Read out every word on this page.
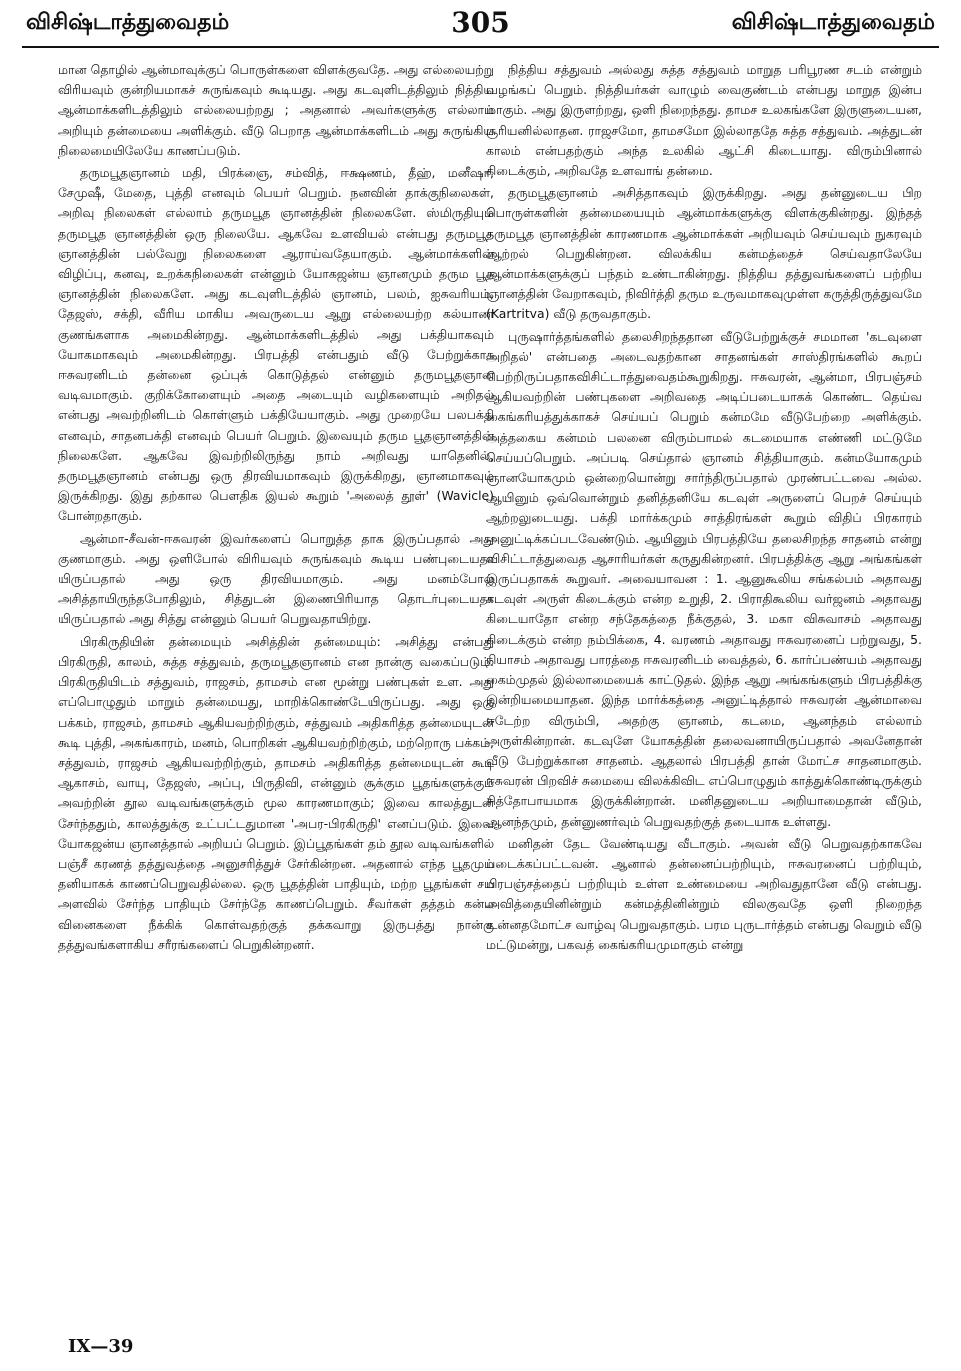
விசிஷ்டாத்துவைதம்	305	விசிஷ்டாத்துவைதம்

மான தொழில் ஆன்மாவுக்குப் பொருள்களை விளக்குவதே. அது எல்லையற்று விரியவும் குன்றியமாகச் சுருங்கவும் கூடியது. அது கடவுளிடத்திலும் நித்திய ஆன்மாக்களிடத்திலும் எல்லையற்றது ; அதனால் அவர்களுக்கு எல்லாம் அறியும் தன்மையை அளிக்கும். வீடு பெறாத ஆன்மாக்களிடம் அது சுருங்கிய நிலைமையிலேயே காணப்படும்.

தருமபூதஞானம் மதி, பிரக்ஞை, சம்வித், ஈக்ஷணம், தீஹ், மனீஷா, சேமுஷீ, மேதை, புத்தி எனவும் பெயர் பெறும். நனவின் தாக்குநிலைகள், அறிவு நிலைகள் எல்லாம் தருமபூத ஞானத்தின் நிலைகளே. ஸ்மிருதியும் தருமபூத ஞானத்தின் ஒரு நிலையே. ஆகவே உளவியல் என்பது தருமபூத ஞானத்தின் பல்வேறு நிலைகளை ஆராய்வதேயாகும். ஆன்மாக்களின் விழிப்பு, கனவு, உறக்கநிலைகள் என்னும் யோகஜன்ய ஞானமும் தரும பூத ஞானத்தின் நிலைகளே. அது கடவுளிடத்தில் ஞானம், பலம், ஐசுவரியம், தேஜஸ், சக்தி, வீரிய மாகிய அவருடைய ஆறு எல்லையற்ற கல்யாண குணங்களாக அமைகின்றது. ஆன்மாக்களிடத்தில் அது பக்தியாகவும் யோகமாகவும் அமைகின்றது. பிரபத்தி என்பதும் வீடு பேற்றுக்காக ஈசுவரனிடம் தன்னை ஒப்புக் கொடுத்தல் என்னும் தருமபூதஞான வடிவமாகும். குறிக்கோளையும் அதை அடையும் வழிகளையும் அறிதல் என்பது அவற்றினிடம் கொள்ளும் பக்தியேயாகும். அது முறையே பலபக்தி எனவும், சாதனபக்தி எனவும் பெயர் பெறும். இவையும் தரும பூதஞானத்தின் நிலைகளே. ஆகவே இவற்றிலிருந்து நாம் அறிவது யாதெனில், தருமபூதஞானம் என்பது ஒரு திரவியமாகவும் இருக்கிறது, ஞானமாகவும் இருக்கிறது. இது தற்கால பௌதிக இயல் கூறும் 'அலைத் தூள்' (Wavicle) போன்றதாகும்.

ஆன்மா-சீவன்-ஈசுவரன் இவர்களைப் பொறுத்த தாக இருப்பதால் அது குணமாகும். அது ஒளிபோல் விரியவும் சுருங்கவும் கூடிய பண்புடையதா யிருப்பதால் அது ஒரு திரவியமாகும். அது மனம்போல் அசித்தாயிருந்தபோதிலும், சித்துடன் இணைபிரியாத தொடர்புடையதா யிருப்பதால் அது சித்து என்னும் பெயர் பெறுவதாயிற்று.

பிரகிருதியின் தன்மையும் அசித்தின் தன்மையும்: அசித்து என்பது பிரகிருதி, காலம், சுத்த சத்துவம், தருமபூதஞானம் என நான்கு வகைப்படும். பிரகிருதியிடம் சத்துவம், ராஜசம், தாமசம் என மூன்று பண்புகள் உள. அது எப்பொழுதும் மாறும் தன்மையது, மாறிக்கொண்டேயிருப்பது. அது ஒரு பக்கம், ராஜசம், தாமசம் ஆகியவற்றிற்கும், சத்துவம் அதிகரித்த தன்மையுடன் கூடி புத்தி, அகங்காரம், மனம், பொறிகள் ஆகியவற்றிற்கும், மற்றொரு பக்கம், சத்துவம், ராஜசம் ஆகியவற்றிற்கும், தாமசம் அதிகரித்த தன்மையுடன் கூடி ஆகாசம், வாயு, தேஜஸ், அப்பு, பிருதிவி, என்னும் சூக்கும பூதங்களுக்கும் அவற்றின் தூல வடிவங்களுக்கும் மூல காரணமாகும்; இவை காலத்துடன் சேர்ந்ததும், காலத்துக்கு உட்பட்டதுமான 'அபர-பிரகிருதி' எனப்படும். இவை யோகஜன்ய ஞானத்தால் அறியப் பெறும். இப்பூதங்கள் தம் தூல வடிவங்களில் பஞ்சீ கரணத் தத்துவத்தை அனுசரித்துச் சேர்கின்றன. அதனால் எந்த பூதமும் தனியாகக் காணப்பெறுவதில்லை. ஒரு பூதத்தின் பாதியும், மற்ற பூதங்கள் சம அளவில் சேர்ந்த பாதியும் சேர்ந்தே காணப்பெறும். சீவர்கள் தத்தம் கன்ம வினைகளை நீக்கிக் கொள்வதற்குத் தக்கவாறு இருபத்து நான்கு தத்துவங்களாகிய சரீரங்களைப் பெறுகின்றனர்.

நித்திய சத்துவம் அல்லது சுத்த சத்துவம் மாறுத பரிபூரண சடம் என்றும் வழங்கப் பெறும். நித்தியர்கள் வாழும் வைகுண்டம் என்பது மாறுத இன்ப மாகும். அது இருளற்றது, ஒளி நிறைந்தது. தாமச உலகங்களே இருளுடையன, சூரியனில்லாதன. ராஜசமோ, தாமசமோ இல்லாததே சுத்த சத்துவம். அத்துடன் காலம் என்பதற்கும் அந்த உலகில் ஆட்சி கிடையாது. விரும்பினால் கிடைக்கும், அறிவதே உளவாங் தன்மை.

தருமபூதஞானம் அசித்தாகவும் இருக்கிறது. அது தன்னுடைய பிற பொருள்களின் தன்மையையும் ஆன்மாக்களுக்கு விளக்குகின்றது. இந்தத் தருமபூத ஞானத்தின் காரணமாக ஆன்மாக்கள் அறியவும் செய்யவும் நுகரவும் ஆற்றல் பெறுகின்றன. விலக்கிய கன்மத்தைச் செய்வதாலேயே ஆன்மாக்களுக்குப் பந்தம் உண்டாகின்றது. நித்திய தத்துவங்களைப் பற்றிய ஞானத்தின் வேறாகவும், நிவிர்த்தி தரும உருவமாகவுமுள்ள கருத்திருத்துவமே (Kartritva) வீடு தருவதாகும்.

புருஷார்த்தங்களில் தலைசிறந்ததான வீடுபேற்றுக்குச் சமமான 'கடவுளை அறிதல்' என்பதை அடைவதற்கான சாதனங்கள் சாஸ்திரங்களில் கூறப் பெற்றிருப்பதாகவிசிட்டாத்துவைதம்கூறுகிறது. ஈசுவரன், ஆன்மா, பிரபஞ்சம் ஆகியவற்றின் பண்புகளை அறிவதை அடிப்படையாகக் கொண்ட தெய்வ கைங்கரியத்துக்காகச் செய்யப் பெறும் கன்மமே வீடுபேற்றை அளிக்கும். அத்தகைய கன்மம் பலனை விரும்பாமல் கடமையாக எண்ணி மட்டுமே செய்யப்பெறும். அப்படி செய்தால் ஞானம் சித்தியாகும். கன்மயோகமும் ஞானயோகமும் ஒன்றையொன்று சார்ந்திருப்பதால் முரண்பட்டவை அல்ல. ஆயினும் ஒவ்வொன்றும் தனித்தனியே கடவுள் அருளைப் பெறச் செய்யும் ஆற்றலுடையது. பக்தி மார்க்கமும் சாத்திரங்கள் கூறும் விதிப் பிரகாரம் அனுட்டிக்கப்படவேண்டும். ஆயினும் பிரபத்தியே தலைசிறந்த சாதனம் என்று விசிட்டாத்துவைத ஆசாரியர்கள் கருதுகின்றனர். பிரபத்திக்கு ஆறு அங்கங்கள் இருப்பதாகக் கூறுவர். அவையாவன : 1. ஆனுகூலிய சங்கல்பம் அதாவது கடவுள் அருள் கிடைக்கும் என்ற உறுதி, 2. பிராதிகூலிய வர்ஜனம் அதாவது கிடையாதோ என்ற சந்தேகத்தை நீக்குதல், 3. மகா விசுவாசம் அதாவது கிடைக்கும் என்ற நம்பிக்கை, 4. வரணம் அதாவது ஈசுவரனைப் பற்றுவது, 5. நியாசம் அதாவது பாரத்தை ஈசுவரனிடம் வைத்தல், 6. கார்ப்பண்யம் அதாவது கைம்முதல் இல்லாமையைக் காட்டுதல். இந்த ஆறு அங்கங்களும் பிரபத்திக்கு இன்றியமையாதன. இந்த மார்க்கத்தை அனுட்டித்தால் ஈசுவரன் ஆன்மாவை ஈடேற்ற விரும்பி, அதற்கு ஞானம், கடமை, ஆனந்தம் எல்லாம் அருள்கின்றான். கடவுளே யோகத்தின் தலைவனாயிருப்பதால் அவனேதான் வீடு பேற்றுக்கான சாதனம். ஆதலால் பிரபத்தி தான் மோட்ச சாதனமாகும். ஈசுவரன் பிறவிச் சுமையை விலக்கிவிட எப்பொழுதும் காத்துக்கொண்டிருக்கும் சித்தோபாயமாக இருக்கின்றான். மனிதனுடைய அறியாமைதான் வீடும், ஆனந்தமும், தன்னுணர்வும் பெறுவதற்குத் தடையாக உள்ளது.

மனிதன் தேட வேண்டியது வீடாகும். அவன் வீடு பெறுவதற்காகவே படைக்கப்பட்டவன். ஆனால் தன்னைப்பற்றியும், ஈசுவரனைப் பற்றியும், பிரபஞ்சத்தைப் பற்றியும் உள்ள உண்மையை அறிவதுதானே வீடு என்பது. அவித்தையினின்றும் கன்மத்தினின்றும் விலகுவதே ஒளி நிறைந்த உன்னதமோட்ச வாழ்வு பெறுவதாகும். பரம புருடார்த்தம் என்பது வெறும் வீடு மட்டுமன்று, பகவத் கைங்கரியமுமாகும் என்று

IX—39
